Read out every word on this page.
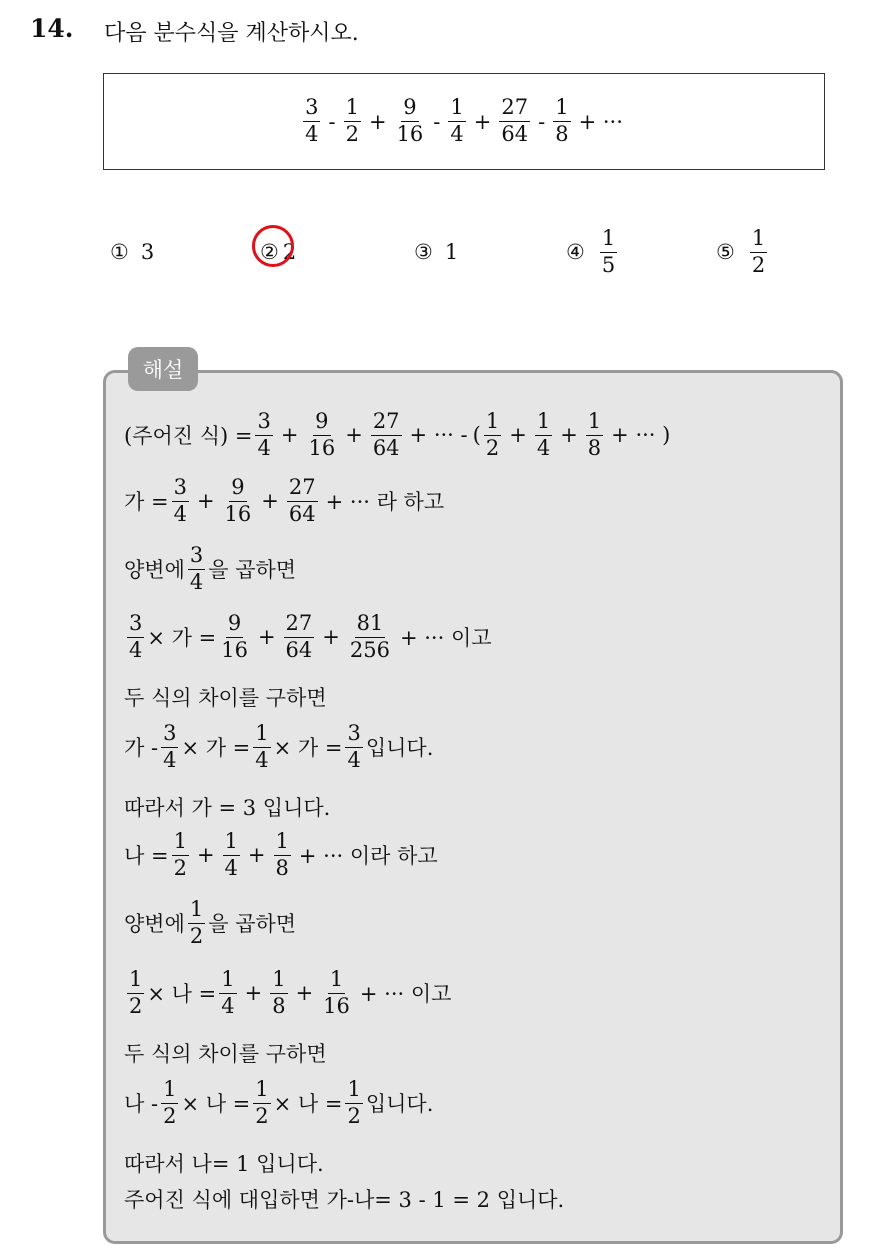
14. 다음 분수식을 계산하시오.
$\frac{3}{4} - \frac{1}{2} + \frac{9}{16} - \frac{1}{4} + \frac{27}{64} - \frac{1}{8}$ + ···
① 3	② 2	③ 1	④ $\frac{1}{5}$	⑤ $\frac{1}{2}$
해설
(주어진 식) = $\frac{3}{4} + \frac{9}{16} + \frac{27}{64}$ + ··· - ( $\frac{1}{2} + \frac{1}{4} + \frac{1}{8}$ + ··· )
가 = $\frac{3}{4} + \frac{9}{16} + \frac{27}{64}$ + ··· 라 하고
양변에 $\frac{3}{4}$ 을 곱하면
$\frac{3}{4}$ × 가 = $\frac{9}{16} + \frac{27}{64} + \frac{81}{256}$ + ··· 이고
두 식의 차이를 구하면
가 - $\frac{3}{4}$ × 가 = $\frac{1}{4}$ × 가 = $\frac{3}{4}$ 입니다.
따라서 가 = 3 입니다.
나 = $\frac{1}{2} + \frac{1}{4} + \frac{1}{8}$ + ··· 이라 하고
양변에 $\frac{1}{2}$ 을 곱하면
$\frac{1}{2}$ × 나 = $\frac{1}{4} + \frac{1}{8} + \frac{1}{16}$ + ··· 이고
두 식의 차이를 구하면
나 - $\frac{1}{2}$ × 나 = $\frac{1}{2}$ × 나 = $\frac{1}{2}$ 입니다.
따라서 나= 1 입니다.
주어진 식에 대입하면 가-나= 3 - 1 = 2 입니다.
